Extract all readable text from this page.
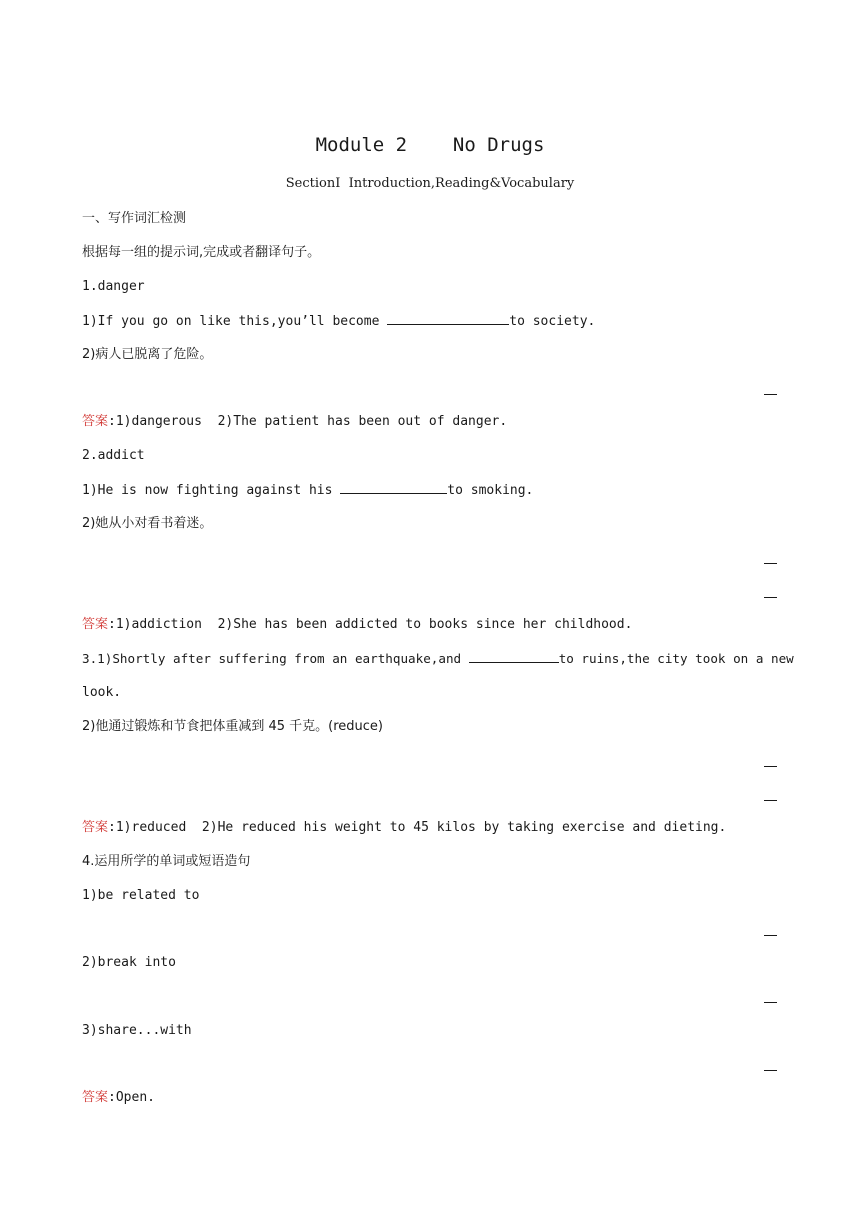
Module 2    No Drugs
SectionⅠ  Introduction,Reading&Vocabulary
一、写作词汇检测
根据每一组的提示词,完成或者翻译句子。
1.danger
1)If you go on like this,you’ll become	to society.
2)病人已脱离了危险。
答案:1)dangerous  2)The patient has been out of danger.
2.addict
1)He is now fighting against his	to smoking.
2)她从小对看书着迷。
答案:1)addiction  2)She has been addicted to books since her childhood.
3.1)Shortly after suffering from an earthquake,and	to ruins,the city took on a new
look.
2)他通过锻炼和节食把体重减到 45 千克。(reduce)
答案:1)reduced  2)He reduced his weight to 45 kilos by taking exercise and dieting.
4.运用所学的单词或短语造句
1)be related to
2)break into
3)share...with
答案:Open.
